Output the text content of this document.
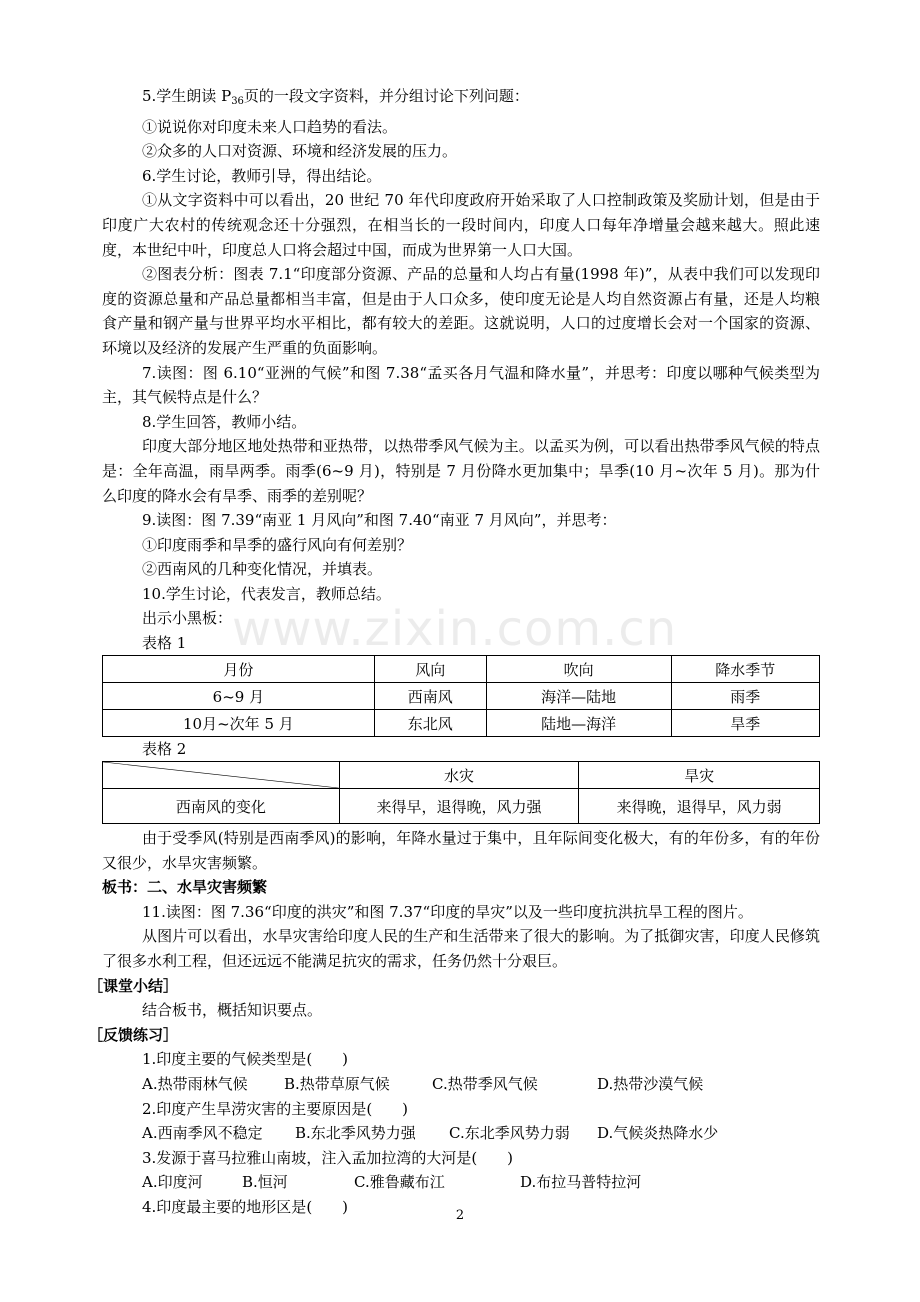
www.zixin.com.cn

5.学生朗读 $P_{36}$页的一段文字资料，并分组讨论下列问题：

①说说你对印度未来人口趋势的看法。

②众多的人口对资源、环境和经济发展的压力。

6.学生讨论，教师引导，得出结论。

①从文字资料中可以看出，20 世纪 70 年代印度政府开始采取了人口控制政策及奖励计划，但是由于印度广大农村的传统观念还十分强烈，在相当长的一段时间内，印度人口每年净增量会越来越大。照此速度，本世纪中叶，印度总人口将会超过中国，而成为世界第一人口大国。

②图表分析：图表 7.1“印度部分资源、产品的总量和人均占有量(1998 年)”，从表中我们可以发现印度的资源总量和产品总量都相当丰富，但是由于人口众多，使印度无论是人均自然资源占有量，还是人均粮食产量和钢产量与世界平均水平相比，都有较大的差距。这就说明，人口的过度增长会对一个国家的资源、环境以及经济的发展产生严重的负面影响。

7.读图：图 6.10“亚洲的气候”和图 7.38“孟买各月气温和降水量”，并思考：印度以哪种气候类型为主，其气候特点是什么？

8.学生回答，教师小结。

印度大部分地区地处热带和亚热带，以热带季风气候为主。以孟买为例，可以看出热带季风气候的特点是：全年高温，雨旱两季。雨季(6~9 月)，特别是 7 月份降水更加集中；旱季(10 月~次年 5 月)。那为什么印度的降水会有旱季、雨季的差别呢？

9.读图：图 7.39“南亚 1 月风向”和图 7.40“南亚 7 月风向”，并思考：

①印度雨季和旱季的盛行风向有何差别？

②西南风的几种变化情况，并填表。

10.学生讨论，代表发言，教师总结。

出示小黑板：

表格 1

月份	风向	吹向	降水季节
6~9 月	西南风	海洋—陆地	雨季
10月~次年 5 月	东北风	陆地—海洋	旱季

表格 2

	水灾	旱灾
西南风的变化	来得早，退得晚，风力强	来得晚，退得早，风力弱

由于受季风(特别是西南季风)的影响，年降水量过于集中，且年际间变化极大，有的年份多，有的年份又很少，水旱灾害频繁。

板书：二、水旱灾害频繁

11.读图：图 7.36“印度的洪灾”和图 7.37“印度的旱灾”以及一些印度抗洪抗旱工程的图片。

从图片可以看出，水旱灾害给印度人民的生产和生活带来了很大的影响。为了抵御灾害，印度人民修筑了很多水利工程，但还远远不能满足抗灾的需求，任务仍然十分艰巨。

［课堂小结］

结合板书，概括知识要点。

［反馈练习］

1.印度主要的气候类型是(　　)

A.热带雨林气候	B.热带草原气候	C.热带季风气候	D.热带沙漠气候

2.印度产生旱涝灾害的主要原因是(　　)

A.西南季风不稳定	B.东北季风势力强	C.东北季风势力弱	D.气候炎热降水少

3.发源于喜马拉雅山南坡，注入孟加拉湾的大河是(　　)

A.印度河	B.恒河	C.雅鲁藏布江	D.布拉马普特拉河

4.印度最主要的地形区是(　　)	2
